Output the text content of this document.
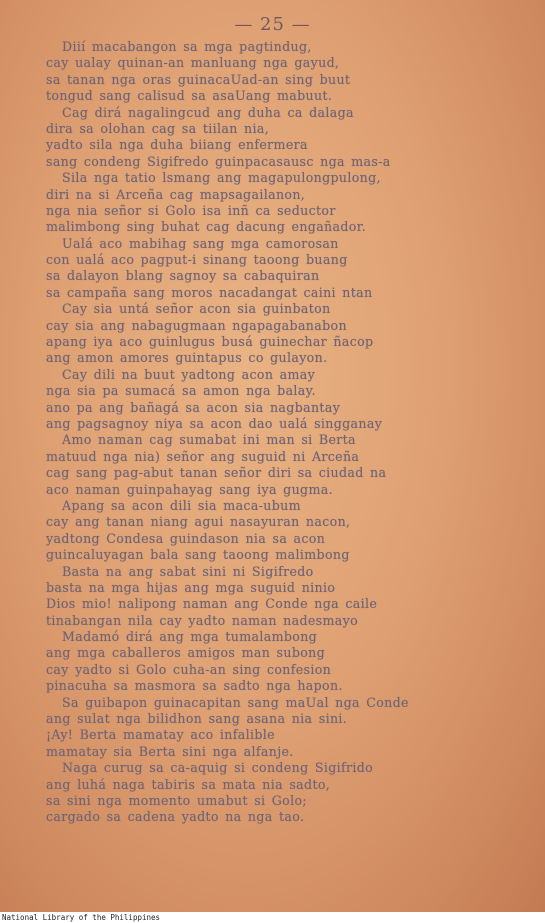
— 25 —
Diií macabangon sa mga pagtindug,
cay ualay quinan-an manluang nga gayud,
sa tanan nga oras guinacaUad-an sing buut
tongud sang calisud sa asaUang mabuut.
Cag dirá nagalingcud ang duha ca dalaga
dira sa olohan cag sa tiilan nia,
yadto sila nga duha biiang enfermera
sang condeng Sigifredo guinpacasausc nga mas-a
Sila nga tatio lsmang ang magapulongpulong,
diri na si Arceña cag mapsagailanon,
nga nia señor si Golo isa inñ ca seductor
malimbong sing buhat cag dacung engañador.
Ualá aco mabihag sang mga camorosan
con ualá aco pagput-i sinang taoong buang
sa dalayon blang sagnoy sa cabaquiran
sa campaña sang moros nacadangat caini ntan
Cay sia untá señor acon sia guinbaton
cay sia ang nabagugmaan ngapagabanabon
apang iya aco guinlugus busá guinechar ñacop
ang amon amores guintapus co gulayon.
Cay dili na buut yadtong acon amay
nga sia pa sumacá sa amon nga balay.
ano pa ang bañagá sa acon sia nagbantay
ang pagsagnoy niya sa acon dao ualá singganay
Amo naman cag sumabat ini man si Berta
matuud nga nia) señor ang suguid ni Arceña
cag sang pag-abut tanan señor diri sa ciudad na
aco naman guinpahayag sang iya gugma.
Apang sa acon dili sia maca-ubum
cay ang tanan niang agui nasayuran nacon,
yadtong Condesa guindason nia sa acon
guincaluyagan bala sang taoong malimbong
Basta na ang sabat sini ni Sigifredo
basta na mga hijas ang mga suguid ninio
Dios mio! nalipong naman ang Conde nga caile
tinabangan nila cay yadto naman nadesmayo
Madamó dirá ang mga tumalambong
ang mga caballeros amigos man subong
cay yadto si Golo cuha-an sing confesion
pinacuha sa masmora sa sadto nga hapon.
Sa guibapon guinacapitan sang maUal nga Conde
ang sulat nga bilidhon sang asana nia sini.
¡Ay! Berta mamatay aco infalible
mamatay sia Berta sini nga alfanje.
Naga curug sa ca-aquig si condeng Sigifrido
ang luhá naga tabiris sa mata nia sadto,
sa sini nga momento umabut si Golo;
cargado sa cadena yadto na nga tao.
National Library of the Philippines
